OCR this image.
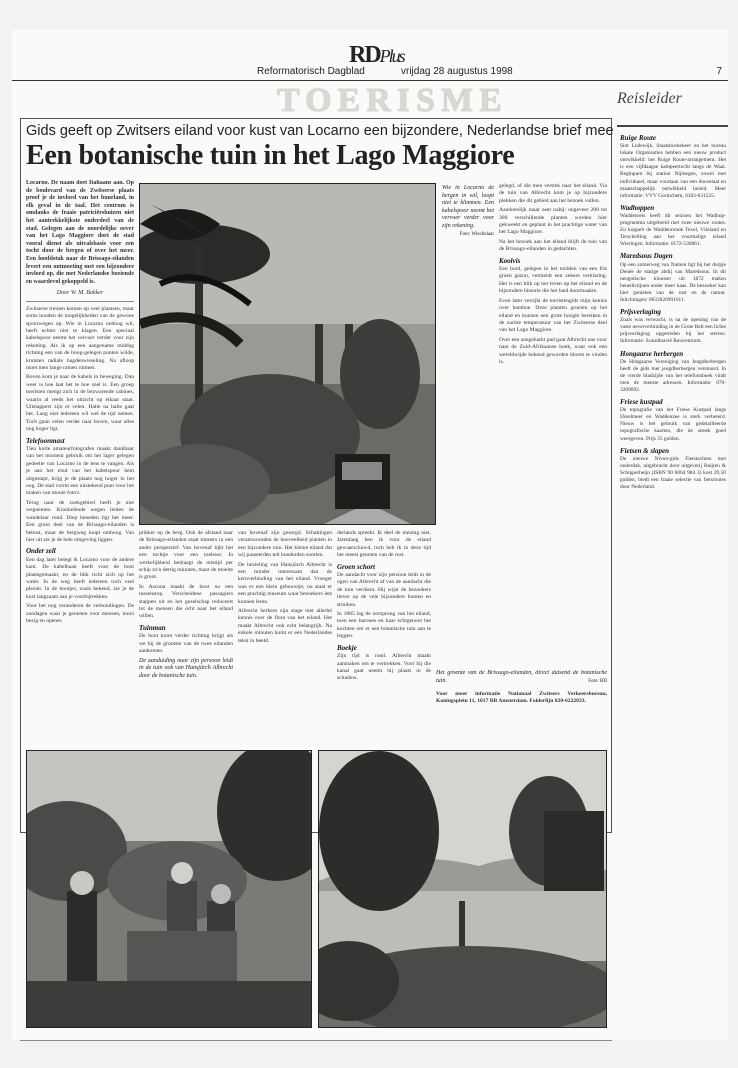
RDPlus
Reformatorisch Dagblad	vrijdag 28 augustus 1998	7
TOERISME	Reisleider
Gids geeft op Zwitsers eiland voor kust van Locarno een bijzondere, Nederlandse brief mee
Een botanische tuin in het Lago Maggiore

Locarno. De naam doet Italiaans aan. Op de boulevard van de Zwitserse plaats proef je de invloed van het buurland, in elk geval in de taal. Het centrum is omdanks de fraaie patriciërshuizen niet het aantrekkelijkste onderdeel van de stad. Gelegen aan de noordelijke oever van het Lago Maggiore doet de stad vooral dienst als uitvalsbasis voor een tocht door de bergen of over het meer. Een hoofdstuk naar de Brissago-eilanden levert een ontmoeting met een bijzondere invloed op, die met Nederlandse boeiende en waardevol gekoppeld is.

Door W. M. Bakker

Zwitserse treinen komen op veel plaatsen, maar soms houden de mogelijkheden van de gewone spoorwegen op. Wie in Locarno ondoog wil, heeft echter niet te klagen. Een speciaal kabelspoor neemt het vervoer verder voor zijn rekening. Als ik op een aangename middag richting een van de hoog-gelegen punten wilde, kruisten radiale bagdenwisseling. Na afloop moet men lange ramen ruimen.

Boven kom je naar de kabels in beweging. Dan weer is hoe laat het te hoe snel is. Een groep toeristen mengt zich in de bezwarende cabines, waarin al reeds het uitzicht op elkaar staat. Uitstappers zijn er velen. Halte na halte gaat het. Lang niet iedereen wil wel de tijd nemen. Toch gaan velen verder naar boven, waar alles nog hoger ligt.

Telefoonmast

Tien korte amateurfotografen maakt dankbaar van het moment gebruik om het lager gelegen gedeelte van Locarno in de lens te vangen. Als je aan het eind van het kabelspoor bent uitgestapt, krijg je de plaats nog hoger in het oog. De stad vormt een uitstekend punt voor het maken van mooie foto's.

Terug naar de zoekgebied heeft je niet wegnemen. Kronkelende wegen leiden de wandelaar rond. Diep beneden ligt het meer. Een groot deel van de Brissago-eilanden is bebost, maar de bergweg loopt omhoog. Van hier uit zie je de hele omgeving liggen.

Onder zeil

Een dag later belegt ik Locarno voor de andere kant. De kabelbaan heeft voor de boot plaatsgemaakt, en de blik richt zich op het water. In de weg heeft iedereen toch veel plezier. In de bootjes, zoals bekend, zie je de kust langzaam aan je voorbijtrekken.

Voor het nog veranderen de verbondingen. De zondagen waar je genieten voor mensen, mooi bezig en opener.

Wie in Locarno de bergen in wil, loopt niet te klimmen. Een kabelspoor neemt het vervoer verder voor zijn rekening.

Foto: Wiechelaar

prikker op de berg. Ook de afstand naar de Brissago-eilanden staat immers in een ander perspectief. Van bovenaf lijkt het een tochtje voor een toeboot. In werkelijkheid bedraagt de reistijd per schip zo'n dertig minuten, maar de moeite is groot.

In Ascona maakt de boot nu een tussenstop. Verscheidene passagiers stappen uit en het gezelschap reduceert tot de mensen die écht naar het eiland willen.

Tuinman

De boot komt verder richting krijgt als we bij de grootste van de twee eilanden aankomen.

De aanduiding naar zijn persoon leidt in de tuin ook van Hansjürch Albrecht door de botanische tuin.

van bovenaf zijn gesorgd. Schattingen verantwoorden de hoeveelheid planten in een bijzondere tuin. Het kleine eiland dat wij passeerden telt honderden soorten.

De bezieling van Hansjürch Albrecht is een minder interessant dan de kernverbinding van het eiland. Vroeger was er een klein gebouwtje; nu staat er een prachtig museum waar bezoekers iets kunnen leren.

Albrecht herkent zijn stage met allerlei kennis over de flora van het eiland. Het maakt Albrecht ook echt belangrijk. Na enkele minuten komt er een Nederlandse tekst in beeld.

gelegd, of die men vertrek naar het eiland. Via de tuin van Albrecht kom je op bijzondere plekken die dit gebied aan het bezoek vullen.

Aandoenlijk maar zeer nabij: ongeveer 200 tot 300 verschillende planten worden hier gekweekt en geplant in het prachtige water van het Lago Maggiore.

Na het bezoek aan het eiland blijft de tuin van de Brissago-eilanden in gedachten.

Koolvis

Een bord, gelegen in het midden van een fris groen gazon, vermeldt een zekere verklaring. Het is een blik op het leven op het eiland en de bijzondere historie die het land doormaakte.

Even later verrijkt de toeristengids mijn kennis over bamboe. Deze planten groeien op het eiland en kunnen een grote hoogte bereiken in de zachte temperatuur van het Zwitserse deel van het Lago Maggiore.

Over een aangeharkt pad gaat Albrecht ons voor naar de Zuid-Afrikaanse hoek, waar ook een wereldwijde bekend geworden bloem te vinden is.

derlands spreekt. Ik deel de mening niet. Jarenlang ben ik voor de eiland gewaarschuwd, toch heb ik in deze tijd het meest genoten van de rust.

Groen schort

De aandacht voor zijn persoon leidt in de ogen van Albrecht af van de aandacht die de tuin verdient. Hij wijst de bezoekers liever op de vele bijzondere bomen en struiken.

In 1885 lag de oorsprong van het eiland, toen een barones en haar echtgenoot het kochten om er een botanische tuin aan te leggen.

Boekje

Zijn tijd is rond. Albrecht maakt aanmaken om te vertrekken. Voor hij die kanal gaat neemt hij plaats in de schaduw.

Het groente van de Brissago-eilanden, direct duisend de botanische tuin.	Foto: RD

Voor meer informatie Nationaal Zwitsers Verkeersbureau, Koningsplein 11, 1017 BB Amsterdam. Folderlijn 020-6222033.

Ruige Route

Sint Lodewijk, Staatsbosbeheer en het bureau lokale Organisaties hebben een nieuw product ontwikkeld: het Ruige Route-arrangement. Het is een vijfdaagse kampeertocht langs de Waal. Beginpunt bij station Nijmegen, zowel met individueel, maar voortaan van een docentaal en maatschappelijk ontwikkeld beleid. Meer informatie: VVV Gorinchem, 0183-631525.

Wadhoppen

Waddenreis heeft dit seizoen het Wadhop-programma uitgebreid met twee nieuwe routes. Zo koppelt de Waddenronde Texel, Vlieland en Terschelling aan het voormalige eiland Wieringen. Informatie: 0172-536861.

Maredsous Dagen

Op een zomerweg van Namen ligt bij het dorpje Denée de statige abdij van Maredsous. In dit neogotische klooster uit 1872 maken benedictijnen onder meer kaas. De bezoeker kan hier genieten van de rust en de natuur. Inlichtingen: 0032826991611.

Prijsverlaging

Zoals was verwacht, is na de opening van de vaste oeververbinding in de Grote Belt een lichte prijsverlaging opgetreden bij het sterren. Informatie: Scandinavië Reiscentrum.

Hongaarse herbergen

De Hongaarse Vereniging van Jeugdherbergen heeft de gids met jeugdherbergen verstuurd. In de vierde bladzijde van het telefoonboek vindt men de meeste adressen. Informatie: 070-3209092.

Friese kustpad

De topografie van het Friese Kustpad langs IJsselmeer en Waddenzee is sterk verbeterd. Nieuw is het gebruik van gedetailleerde topografische kaarten, die de streek goed weergeven. Prijs 35 gulden.

Fietsen & slapen

De nieuwe Nivon-gids Fietstochten met onderdak, uitgebracht door uitgeverij Buijten & Schipperheijn (ISBN 90 6064 984 3) kost 29,50 gulden, biedt een fraaie selectie van fietsroutes door Nederland.
